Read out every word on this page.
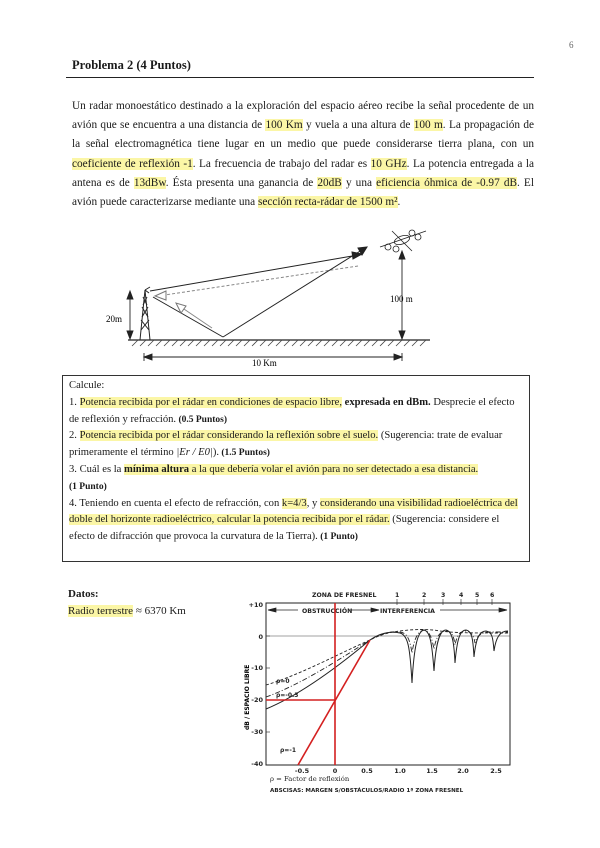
6
Problema 2 (4 Puntos)

Un radar monoestático destinado a la exploración del espacio aéreo recibe la señal procedente de un avión que se encuentra a una distancia de 100 Km y vuela a una altura de 100 m. La propagación de la señal electromagnética tiene lugar en un medio que puede considerarse tierra plana, con un coeficiente de reflexión -1. La frecuencia de trabajo del radar es 10 GHz. La potencia entregada a la antena es de 13dBw. Ésta presenta una ganancia de 20dB y una eficiencia óhmica de -0.97 dB. El avión puede caracterizarse mediante una sección recta-rádar de 1500 m².

20m
100 m
10 Km

Calcule:

1. Potencia recibida por el rádar en condiciones de espacio libre, expresada en dBm. Desprecie el efecto de reflexión y refracción. (0.5 Puntos)

2. Potencia recibida por el rádar considerando la reflexión sobre el suelo. (Sugerencia: trate de evaluar primeramente el término |Er / E0|). (1.5 Puntos)

3. Cuál es la mínima altura a la que debería volar el avión para no ser detectado a esa distancia.
(1 Punto)

4. Teniendo en cuenta el efecto de refracción, con k=4/3, y considerando una visibilidad radioeléctrica del doble del horizonte radioeléctrico, calcular la potencia recibida por el rádar. (Sugerencia: considere el efecto de difracción que provoca la curvatura de la Tierra). (1 Punto)

Datos:
Radio terrestre ≈ 6370 Km
ZONA DE FRESNEL	1	2 3 4 5 6
OBSTRUCCIÓN	INTERFERENCIA
dB / ESPACIO LIBRE
+10
0
-10
-20
-30
-40
-0.5	0	0.5	1.0	1.5	2.0	2.5
ρ=0
ρ=-0.3
ρ=-1
ρ = Factor de reflexión
ABSCISAS: MARGEN S/OBSTÁCULOS/RADIO 1ª ZONA FRESNEL
